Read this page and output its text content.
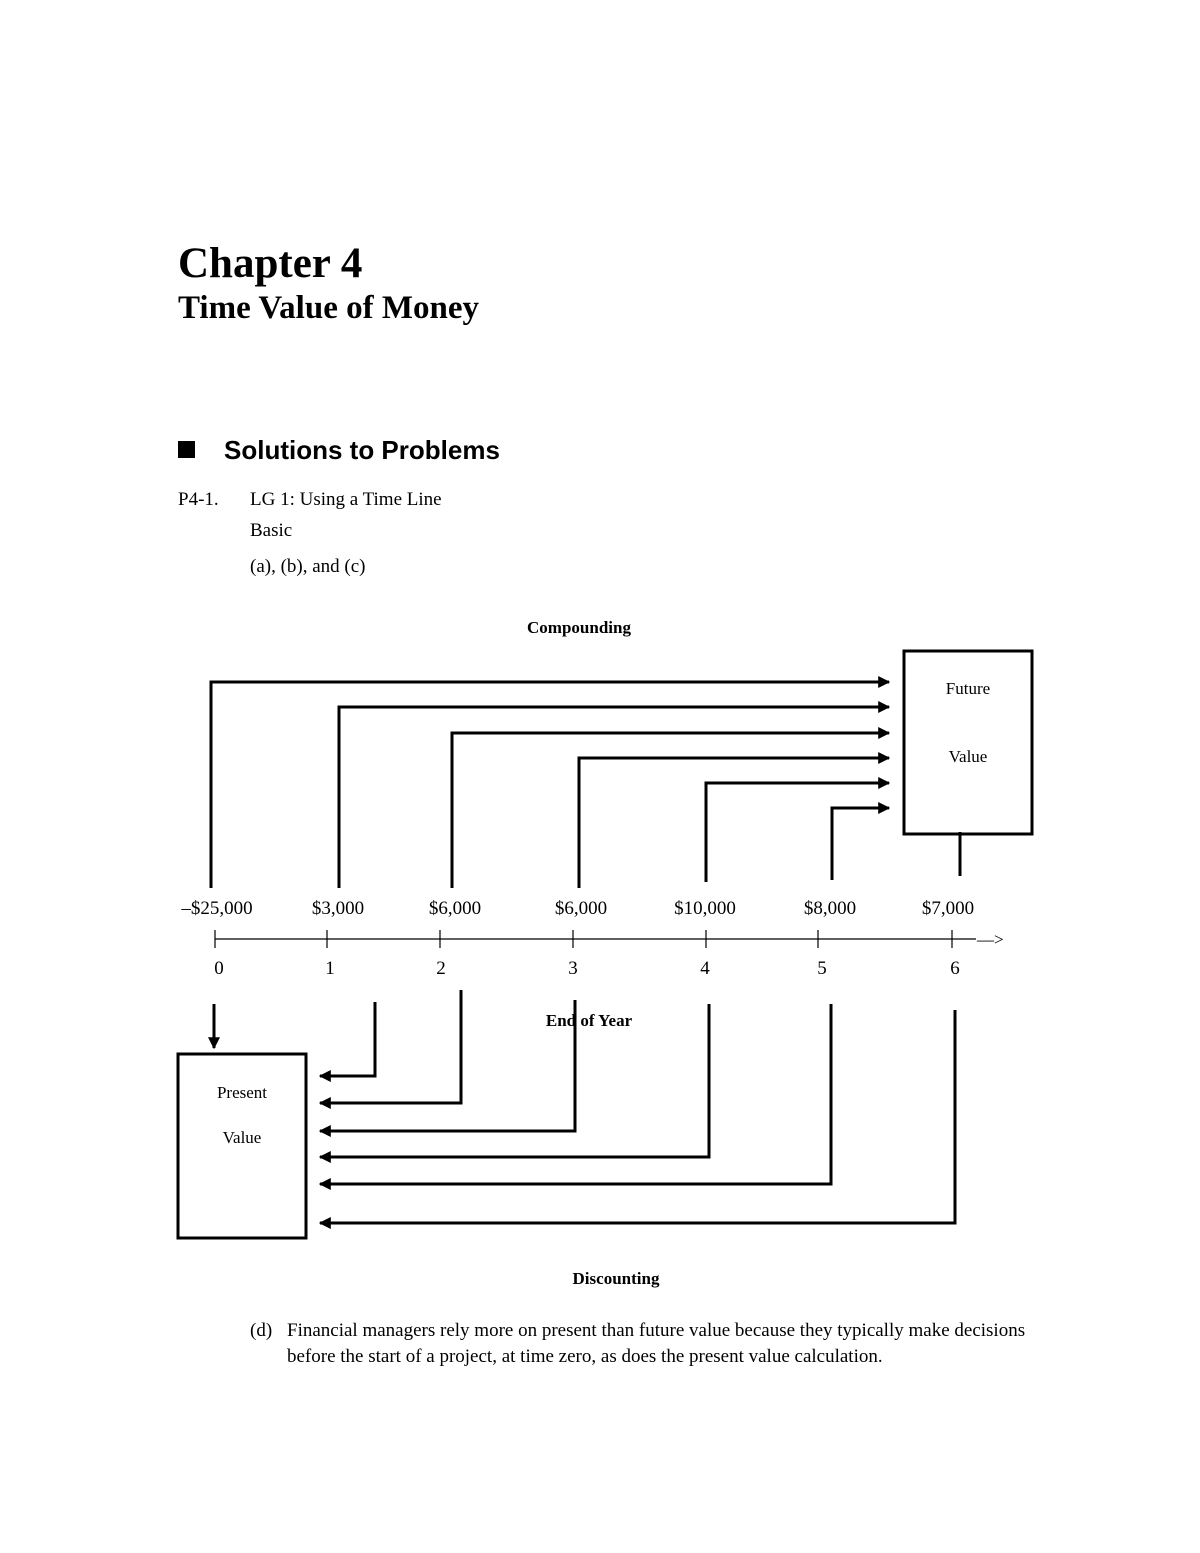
Chapter 4
Time Value of Money
Solutions to Problems
P4-1. LG 1: Using a Time Line
Basic
(a), (b), and (c)
Compounding
Future
Value
–$25,000	$3,000	$6,000	$6,000	$10,000	$8,000	$7,000
—>
0	1	2	3	4	5	6
End of Year
Present
Value
Discounting
(d) Financial managers rely more on present than future value because they typically make decisions before the start of a project, at time zero, as does the present value calculation.
